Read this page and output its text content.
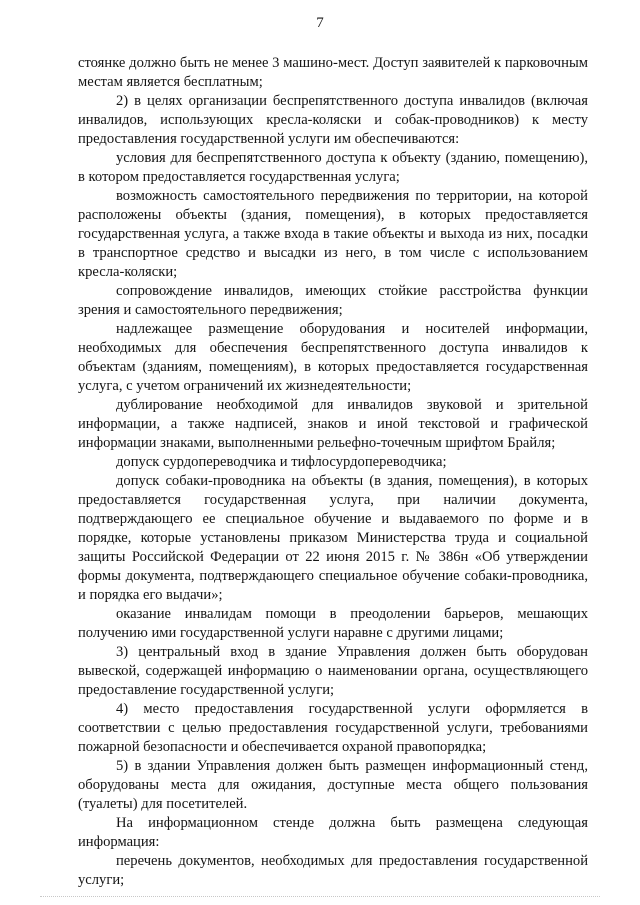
7

стоянке должно быть не менее 3 машино-мест. Доступ заявителей к парковочным местам является бесплатным;

2) в целях организации беспрепятственного доступа инвалидов (включая инвалидов, использующих кресла-коляски и собак-проводников) к месту предоставления государственной услуги им обеспечиваются:

условия для беспрепятственного доступа к объекту (зданию, помещению), в котором предоставляется государственная услуга;

возможность самостоятельного передвижения по территории, на которой расположены объекты (здания, помещения), в которых предоставляется государственная услуга, а также входа в такие объекты и выхода из них, посадки в транспортное средство и высадки из него, в том числе с использованием кресла-коляски;

сопровождение инвалидов, имеющих стойкие расстройства функции зрения и самостоятельного передвижения;

надлежащее размещение оборудования и носителей информации, необходимых для обеспечения беспрепятственного доступа инвалидов к объектам (зданиям, помещениям), в которых предоставляется государственная услуга, с учетом ограничений их жизнедеятельности;

дублирование необходимой для инвалидов звуковой и зрительной информации, а также надписей, знаков и иной текстовой и графической информации знаками, выполненными рельефно-точечным шрифтом Брайля;

допуск сурдопереводчика и тифлосурдопереводчика;

допуск собаки-проводника на объекты (в здания, помещения), в которых предоставляется государственная услуга, при наличии документа, подтверждающего ее специальное обучение и выдаваемого по форме и в порядке, которые установлены приказом Министерства труда и социальной защиты Российской Федерации от 22 июня 2015 г. № 386н «Об утверждении формы документа, подтверждающего специальное обучение собаки-проводника, и порядка его выдачи»;

оказание инвалидам помощи в преодолении барьеров, мешающих получению ими государственной услуги наравне с другими лицами;

3) центральный вход в здание Управления должен быть оборудован вывеской, содержащей информацию о наименовании органа, осуществляющего предоставление государственной услуги;

4) место предоставления государственной услуги оформляется в соответствии с целью предоставления государственной услуги, требованиями пожарной безопасности и обеспечивается охраной правопорядка;

5) в здании Управления должен быть размещен информационный стенд, оборудованы места для ожидания, доступные места общего пользования (туалеты) для посетителей.

На информационном стенде должна быть размещена следующая информация:

перечень документов, необходимых для предоставления государственной услуги;
